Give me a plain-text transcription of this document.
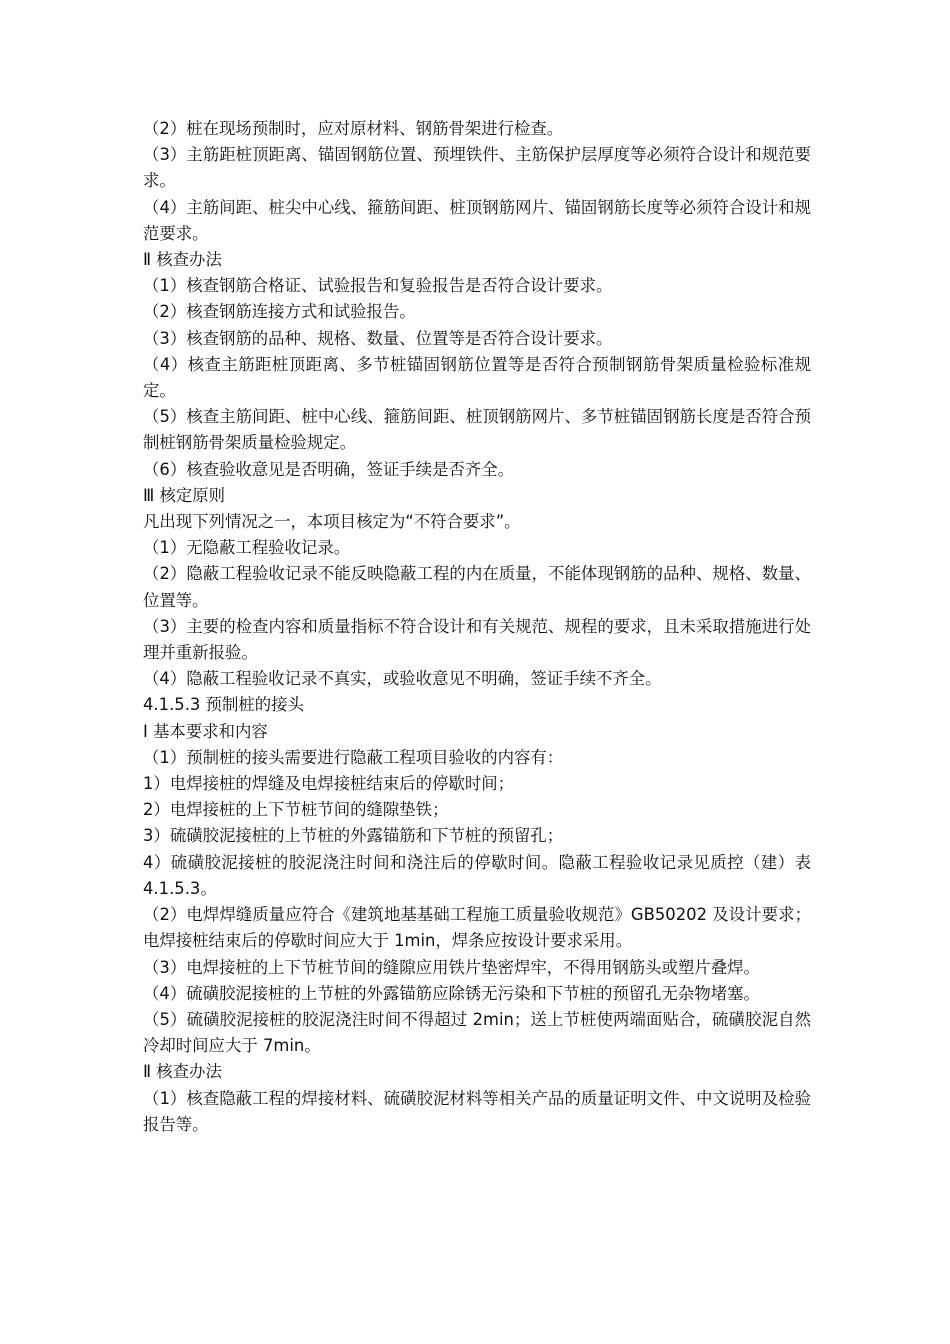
（2）桩在现场预制时，应对原材料、钢筋骨架进行检查。

（3）主筋距桩顶距离、锚固钢筋位置、预埋铁件、主筋保护层厚度等必须符合设计和规范要求。

（4）主筋间距、桩尖中心线、箍筋间距、桩顶钢筋网片、锚固钢筋长度等必须符合设计和规范要求。

Ⅱ 核查办法

（1）核查钢筋合格证、试验报告和复验报告是否符合设计要求。

（2）核查钢筋连接方式和试验报告。

（3）核查钢筋的品种、规格、数量、位置等是否符合设计要求。

（4）核查主筋距桩顶距离、多节桩锚固钢筋位置等是否符合预制钢筋骨架质量检验标准规定。

（5）核查主筋间距、桩中心线、箍筋间距、桩顶钢筋网片、多节桩锚固钢筋长度是否符合预制桩钢筋骨架质量检验规定。

（6）核查验收意见是否明确，签证手续是否齐全。

Ⅲ 核定原则

凡出现下列情况之一，本项目核定为“不符合要求”。

（1）无隐蔽工程验收记录。

（2）隐蔽工程验收记录不能反映隐蔽工程的内在质量，不能体现钢筋的品种、规格、数量、位置等。

（3）主要的检查内容和质量指标不符合设计和有关规范、规程的要求，且未采取措施进行处理并重新报验。

（4）隐蔽工程验收记录不真实，或验收意见不明确，签证手续不齐全。

4.1.5.3 预制桩的接头

Ⅰ 基本要求和内容

（1）预制桩的接头需要进行隐蔽工程项目验收的内容有：

1）电焊接桩的焊缝及电焊接桩结束后的停歇时间；

2）电焊接桩的上下节桩节间的缝隙垫铁；

3）硫磺胶泥接桩的上节桩的外露锚筋和下节桩的预留孔；

4）硫磺胶泥接桩的胶泥浇注时间和浇注后的停歇时间。隐蔽工程验收记录见质控（建）表 4.1.5.3。

（2）电焊焊缝质量应符合《建筑地基基础工程施工质量验收规范》GB50202 及设计要求；电焊接桩结束后的停歇时间应大于 1min，焊条应按设计要求采用。

（3）电焊接桩的上下节桩节间的缝隙应用铁片垫密焊牢，不得用钢筋头或塑片叠焊。

（4）硫磺胶泥接桩的上节桩的外露锚筋应除锈无污染和下节桩的预留孔无杂物堵塞。

（5）硫磺胶泥接桩的胶泥浇注时间不得超过 2min；送上节桩使两端面贴合，硫磺胶泥自然冷却时间应大于 7min。

Ⅱ 核查办法

（1）核查隐蔽工程的焊接材料、硫磺胶泥材料等相关产品的质量证明文件、中文说明及检验报告等。
